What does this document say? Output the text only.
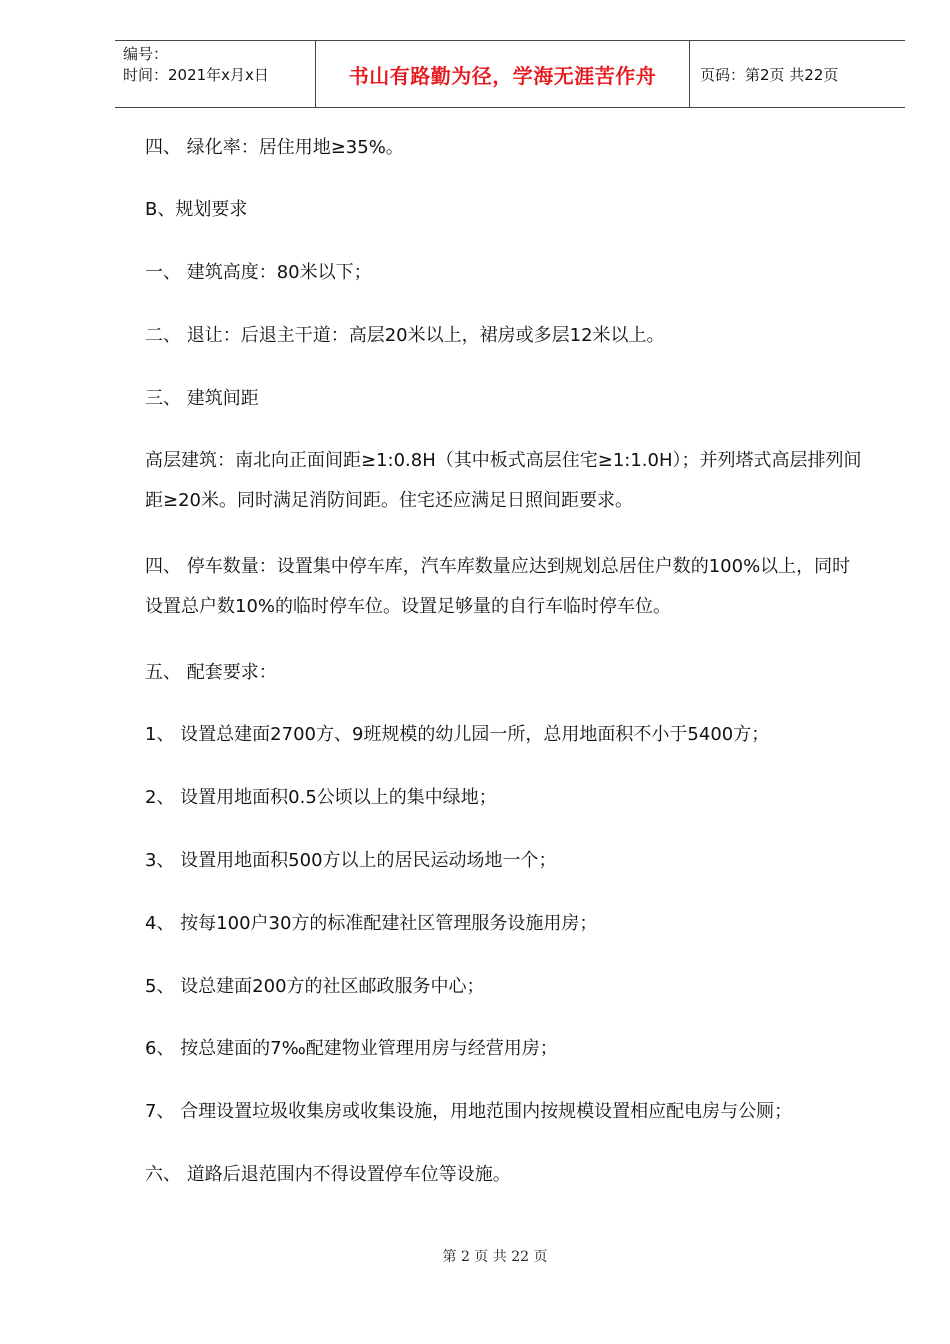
编号：
时间：2021年x月x日	书山有路勤为径，学海无涯苦作舟	页码：第2页 共22页
四、 绿化率：居住用地≥35%。
B、规划要求
一、 建筑高度：80米以下；
二、 退让：后退主干道：高层20米以上，裙房或多层12米以上。
三、 建筑间距
高层建筑：南北向正面间距≥1:0.8H（其中板式高层住宅≥1:1.0H）；并列塔式高层排列间距≥20米。同时满足消防间距。住宅还应满足日照间距要求。
四、 停车数量：设置集中停车库，汽车库数量应达到规划总居住户数的100%以上，同时设置总户数10%的临时停车位。设置足够量的自行车临时停车位。
五、 配套要求：
1、 设置总建面2700方、9班规模的幼儿园一所，总用地面积不小于5400方；
2、 设置用地面积0.5公顷以上的集中绿地；
3、 设置用地面积500方以上的居民运动场地一个；
4、 按每100户30方的标准配建社区管理服务设施用房；
5、 设总建面200方的社区邮政服务中心；
6、 按总建面的7‰配建物业管理用房与经营用房；
7、 合理设置垃圾收集房或收集设施，用地范围内按规模设置相应配电房与公厕；
六、 道路后退范围内不得设置停车位等设施。
第 2 页 共 22 页
